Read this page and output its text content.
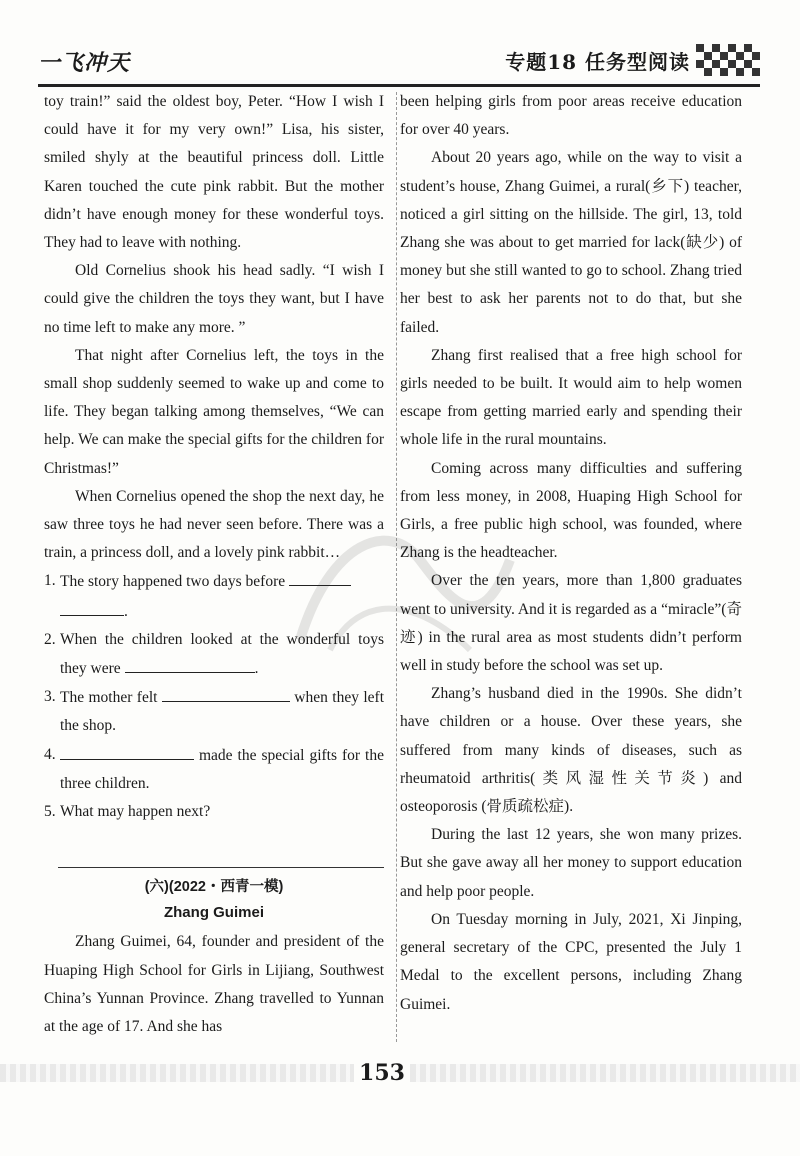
一飞冲天	专题18 任务型阅读

toy train!” said the oldest boy, Peter. “How I wish I could have it for my very own!” Lisa, his sister, smiled shyly at the beautiful princess doll. Little Karen touched the cute pink rabbit. But the mother didn’t have enough money for these wonderful toys. They had to leave with nothing.

Old Cornelius shook his head sadly. “I wish I could give the children the toys they want, but I have no time left to make any more. ”

That night after Cornelius left, the toys in the small shop suddenly seemed to wake up and come to life. They began talking among themselves, “We can help. We can make the special gifts for the children for Christmas!”

When Cornelius opened the shop the next day, he saw three toys he had never seen before. There was a train, a princess doll, and a lovely pink rabbit…

1. The story happened two days before
.
2. When the children looked at the wonderful toys they were	.
3. The mother felt	when they left the shop.
4.	made the special gifts for the three children.
5. What may happen next?

(六)(2022・西青一模)
Zhang Guimei

Zhang Guimei, 64, founder and president of the Huaping High School for Girls in Lijiang, Southwest China’s Yunnan Province. Zhang travelled to Yunnan at the age of 17. And she has

been helping girls from poor areas receive education for over 40 years.

About 20 years ago, while on the way to visit a student’s house, Zhang Guimei, a rural(乡下) teacher, noticed a girl sitting on the hillside. The girl, 13, told Zhang she was about to get married for lack(缺少) of money but she still wanted to go to school. Zhang tried her best to ask her parents not to do that, but she failed.

Zhang first realised that a free high school for girls needed to be built. It would aim to help women escape from getting married early and spending their whole life in the rural mountains.

Coming across many difficulties and suffering from less money, in 2008, Huaping High School for Girls, a free public high school, was founded, where Zhang is the headteacher.

Over the ten years, more than 1,800 graduates went to university. And it is regarded as a “miracle”(奇迹) in the rural area as most students didn’t perform well in study before the school was set up.

Zhang’s husband died in the 1990s. She didn’t have children or a house. Over these years, she suffered from many kinds of diseases, such as rheumatoid arthritis(类风湿性关节炎) and osteoporosis (骨质疏松症).

During the last 12 years, she won many prizes. But she gave away all her money to support education and help poor people.

On Tuesday morning in July, 2021, Xi Jinping, general secretary of the CPC, presented the July 1 Medal to the excellent persons, including Zhang Guimei.

153
